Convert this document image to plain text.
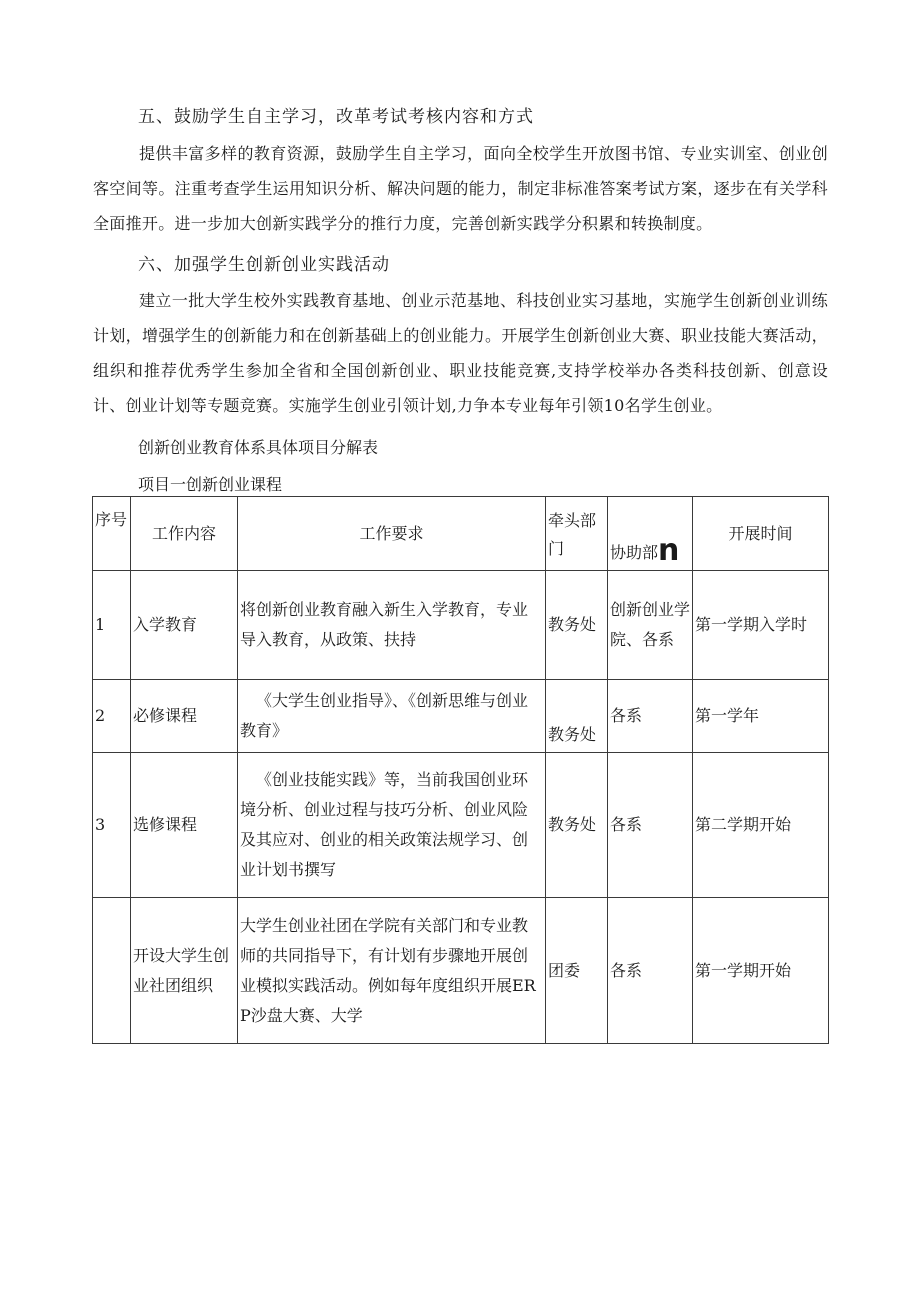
五、鼓励学生自主学习，改革考试考核内容和方式

提供丰富多样的教育资源，鼓励学生自主学习，面向全校学生开放图书馆、专业实训室、创业创客空间等。注重考查学生运用知识分析、解决问题的能力，制定非标准答案考试方案，逐步在有关学科全面推开。进一步加大创新实践学分的推行力度，完善创新实践学分积累和转换制度。

六、加强学生创新创业实践活动

建立一批大学生校外实践教育基地、创业示范基地、科技创业实习基地，实施学生创新创业训练计划，增强学生的创新能力和在创新基础上的创业能力。开展学生创新创业大赛、职业技能大赛活动，组织和推荐优秀学生参加全省和全国创新创业、职业技能竞赛,支持学校举办各类科技创新、创意设计、创业计划等专题竞赛。实施学生创业引领计划,力争本专业每年引领10名学生创业。

创新创业教育体系具体项目分解表
项目一创新创业课程
序号	工作内容	工作要求	牵头部门	协助部n	开展时间
1	入学教育	将创新创业教育融入新生入学教育，专业导入教育，从政策、扶持	教务处	创新创业学院、各系	第一学期入学时
2	必修课程	《大学生创业指导》、《创新思维与创业教育》	教务处	各系	第一学年
3	选修课程	《创业技能实践》等，当前我国创业环境分析、创业过程与技巧分析、创业风险及其应对、创业的相关政策法规学习、创业计划书撰写	教务处	各系	第二学期开始
	开设大学生创业社团组织	大学生创业社团在学院有关部门和专业教师的共同指导下，有计划有步骤地开展创业模拟实践活动。例如每年度组织开展ERP沙盘大赛、大学	团委	各系	第一学期开始
